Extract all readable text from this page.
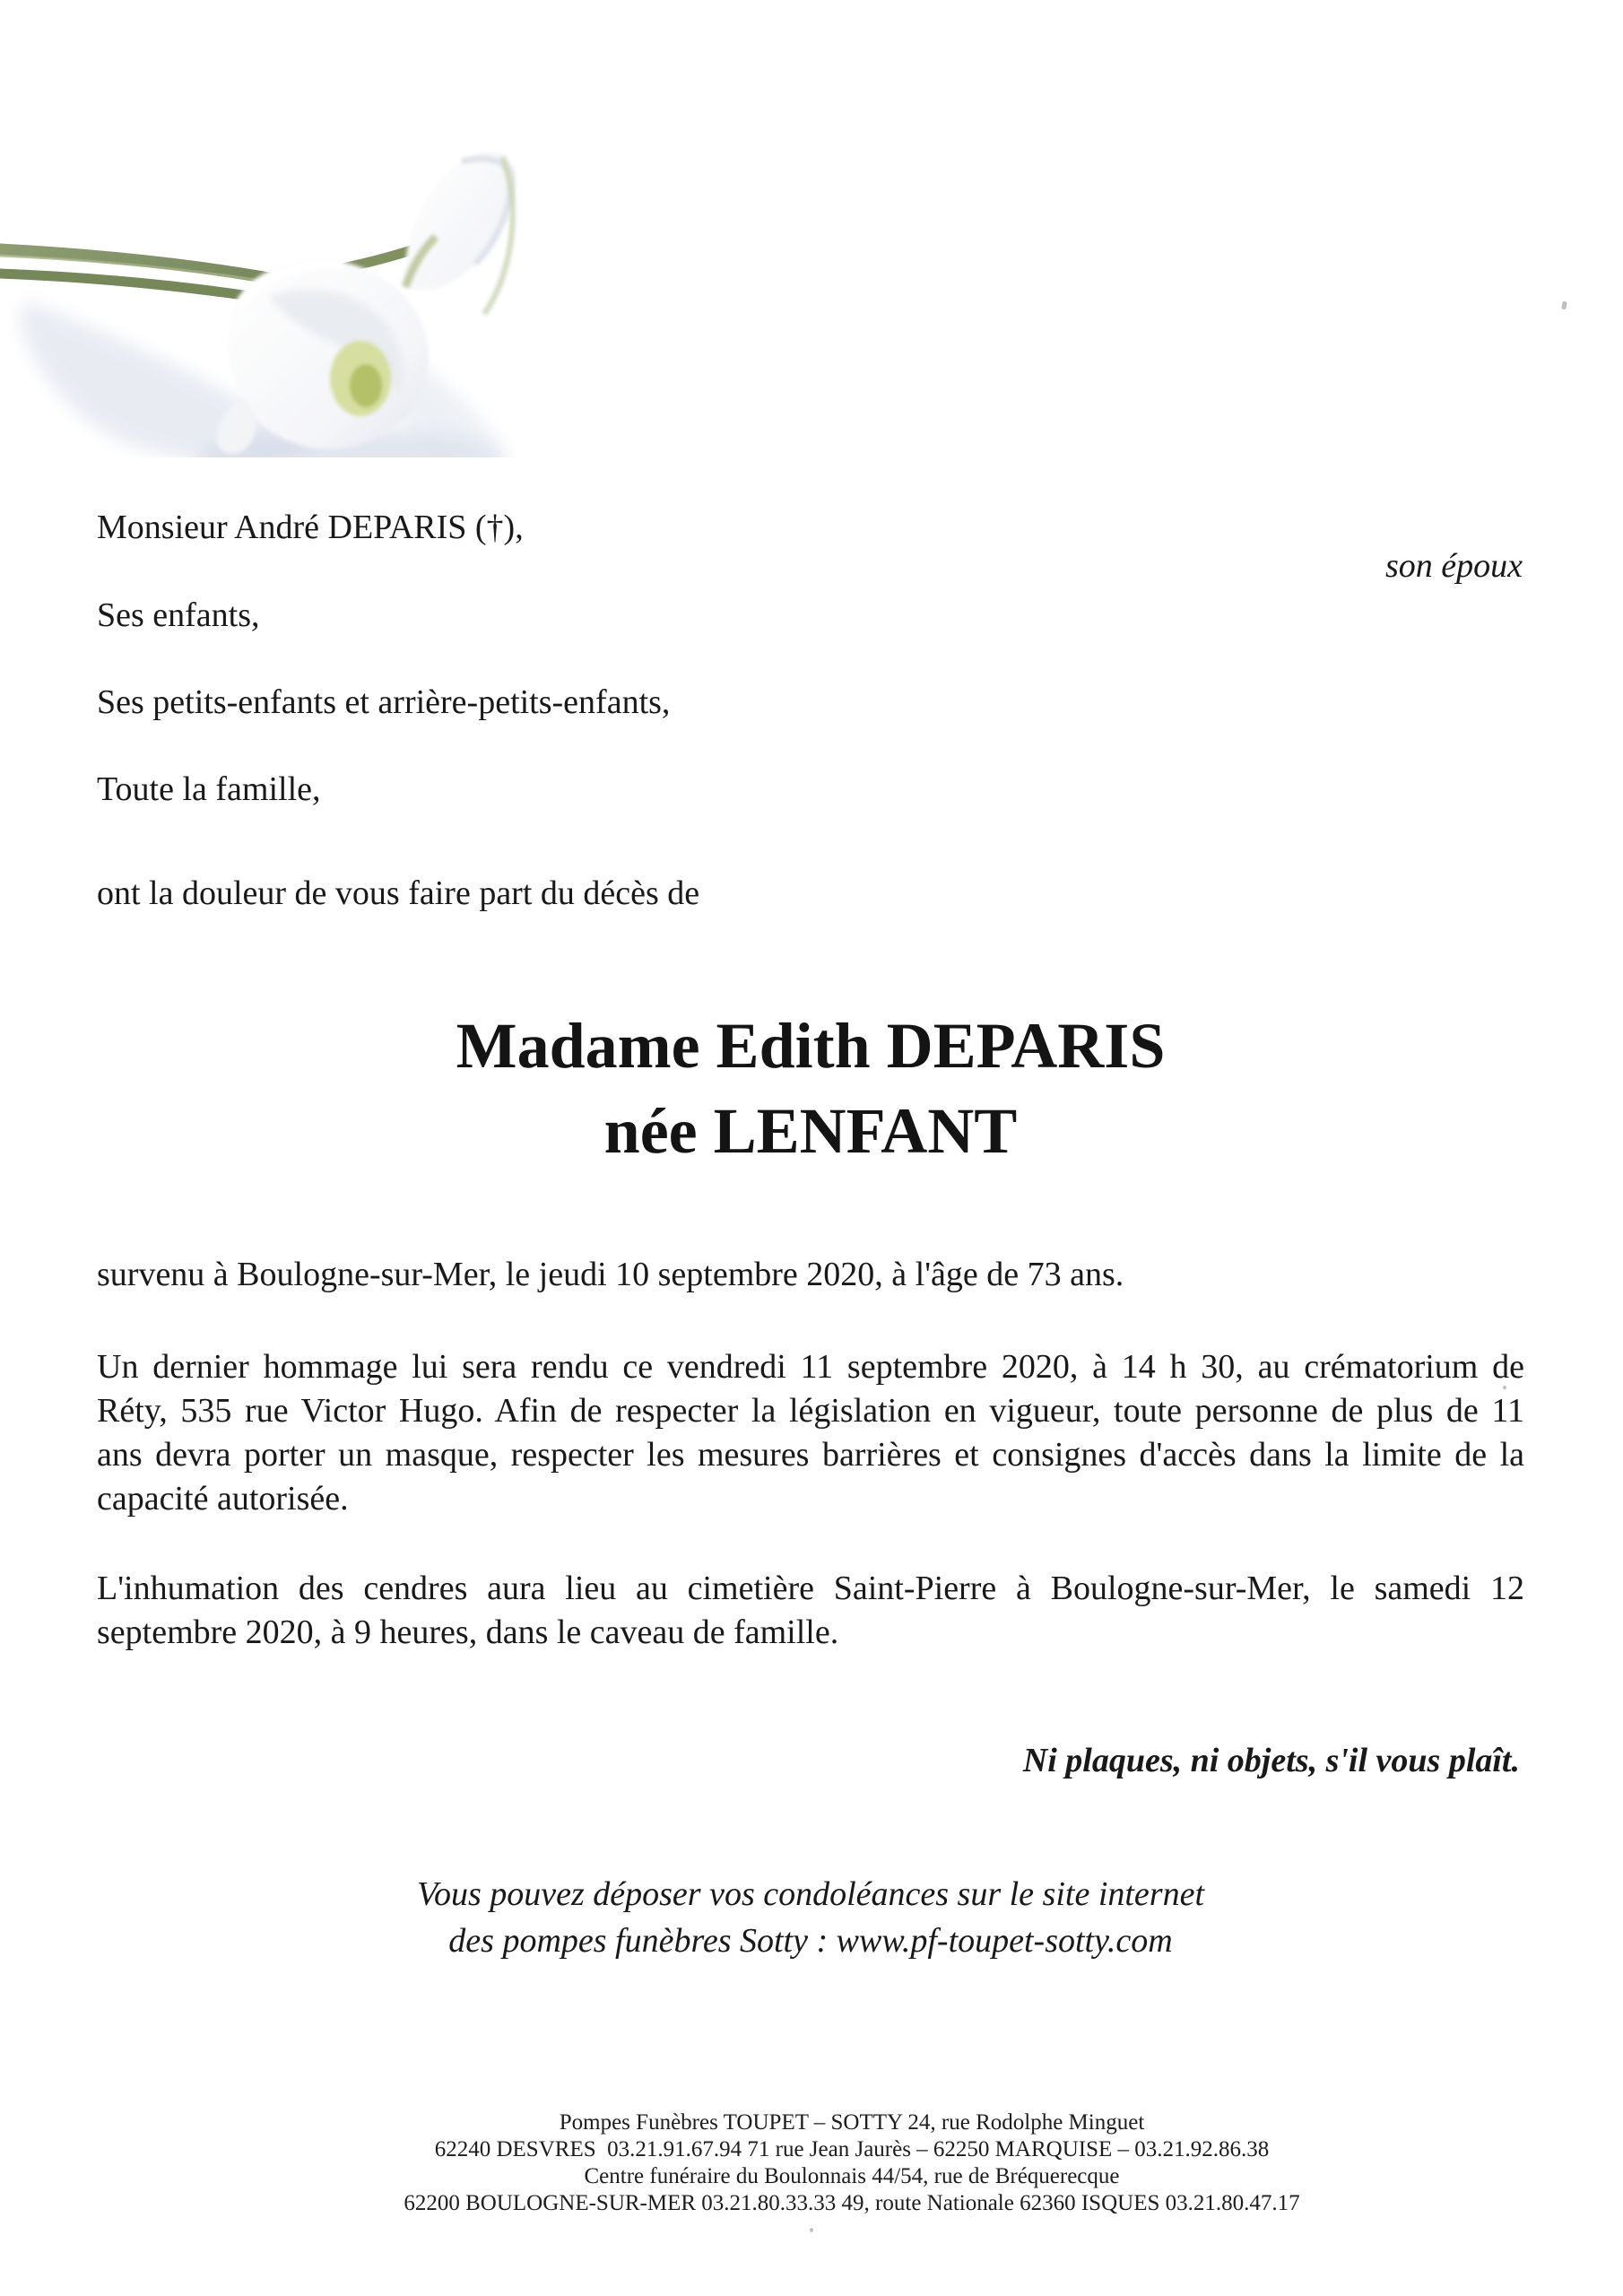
Monsieur André DEPARIS (†),
son époux
Ses enfants,
Ses petits-enfants et arrière-petits-enfants,
Toute la famille,
ont la douleur de vous faire part du décès de
Madame Edith DEPARIS
née LENFANT
survenu à Boulogne-sur-Mer, le jeudi 10 septembre 2020, à l'âge de 73 ans.
Un dernier hommage lui sera rendu ce vendredi 11 septembre 2020, à 14 h 30, au crématorium de
Réty, 535 rue Victor Hugo. Afin de respecter la législation en vigueur, toute personne de plus de 11
ans devra porter un masque, respecter les mesures barrières et consignes d'accès dans la limite de la
capacité autorisée.
L'inhumation des cendres aura lieu au cimetière Saint-Pierre à Boulogne-sur-Mer, le samedi 12
septembre 2020, à 9 heures, dans le caveau de famille.
Ni plaques, ni objets, s'il vous plaît.
Vous pouvez déposer vos condoléances sur le site internet
des pompes funèbres Sotty : www.pf-toupet-sotty.com
Pompes Funèbres TOUPET – SOTTY 24, rue Rodolphe Minguet
62240 DESVRES  03.21.91.67.94 71 rue Jean Jaurès – 62250 MARQUISE – 03.21.92.86.38
Centre funéraire du Boulonnais 44/54, rue de Bréquerecque
62200 BOULOGNE-SUR-MER 03.21.80.33.33 49, route Nationale 62360 ISQUES 03.21.80.47.17
